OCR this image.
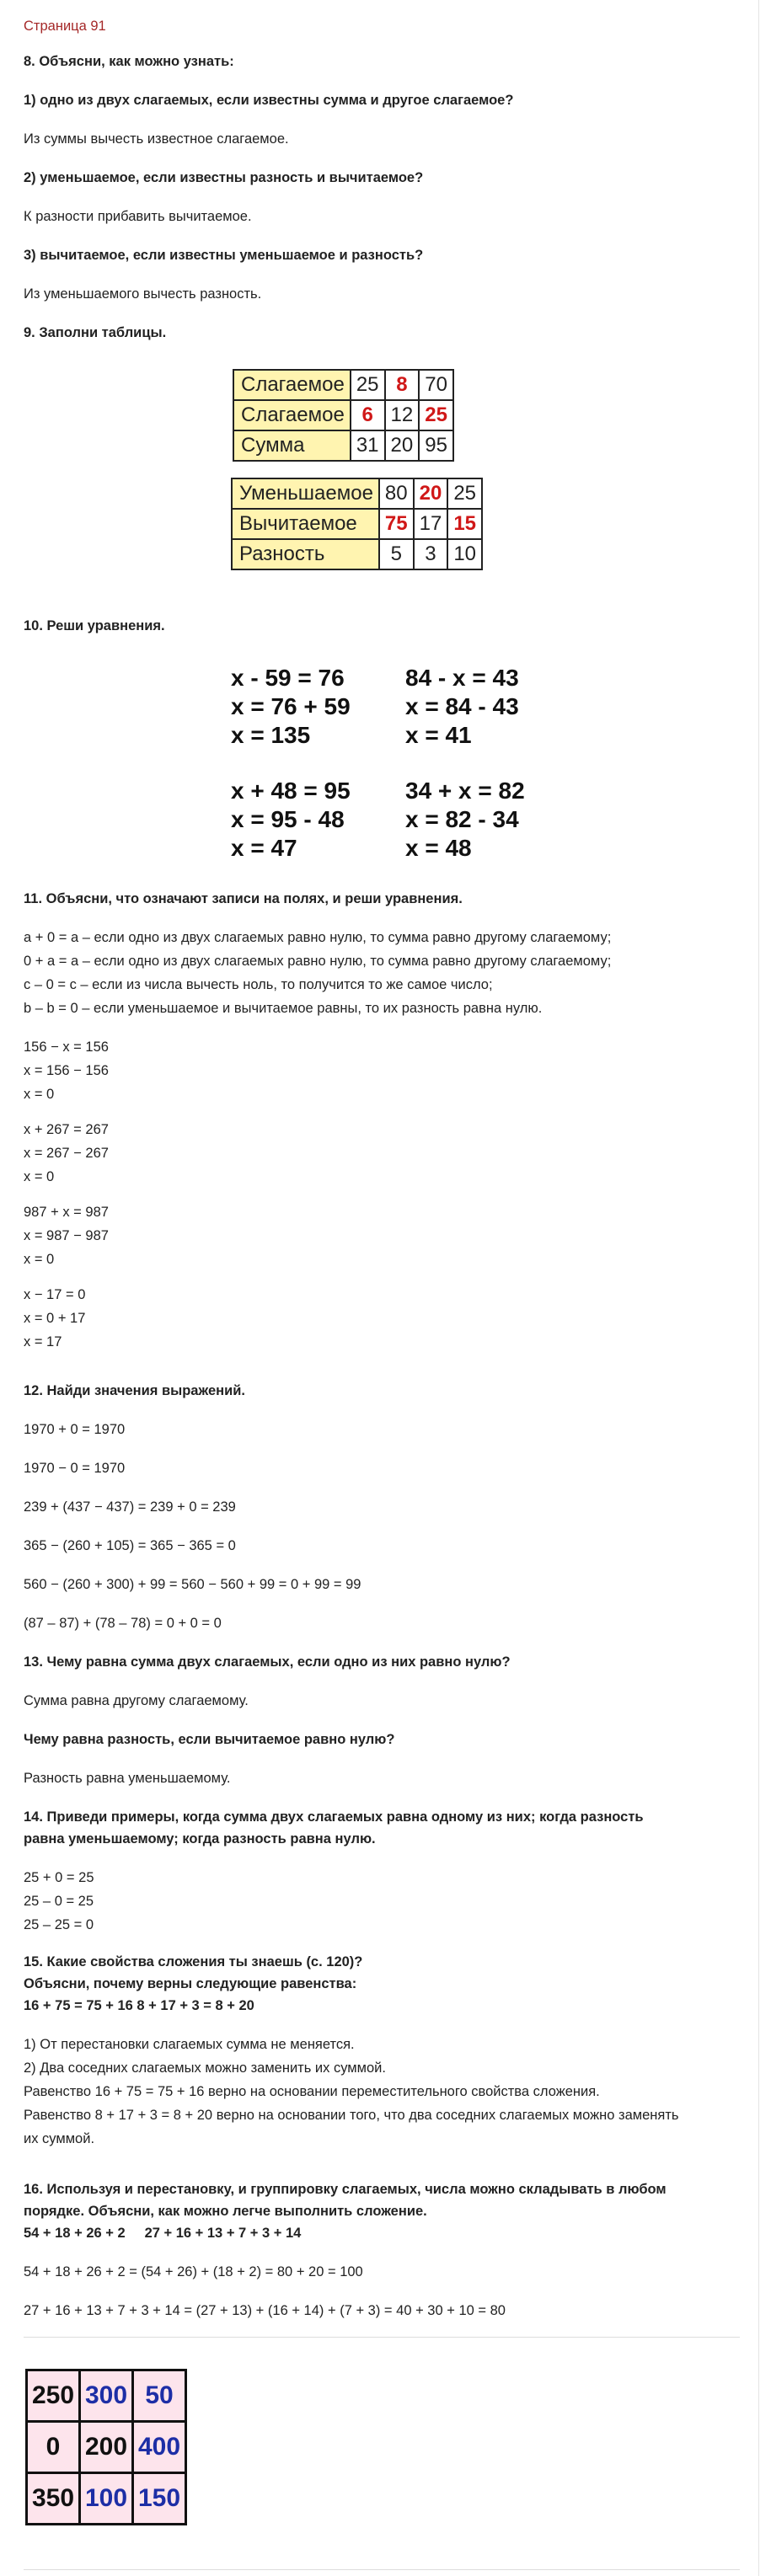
Страница 91
8. Объясни, как можно узнать:
1) одно из двух слагаемых, если известны сумма и другое слагаемое?
Из суммы вычесть известное слагаемое.
2) уменьшаемое, если известны разность и вычитаемое?
К разности прибавить вычитаемое.
3) вычитаемое, если известны уменьшаемое и разность?
Из уменьшаемого вычесть разность.
9. Заполни таблицы.
Слагаемое	25	8	70
Слагаемое	6	12	25
Сумма	31	20	95
Уменьшаемое	80	20	25
Вычитаемое	75	17	15
Разность	5	3	10
10. Реши уравнения.
x - 59 = 76
x = 76 + 59
x = 135
84 - x = 43
x = 84 - 43
x = 41
x + 48 = 95
x = 95 - 48
x = 47
34 + x = 82
x = 82 - 34
x = 48
11. Объясни, что означают записи на полях, и реши уравнения.
a + 0 = a – если одно из двух слагаемых равно нулю, то сумма равно другому слагаемому;
0 + a = a – если одно из двух слагаемых равно нулю, то сумма равно другому слагаемому;
c – 0 = c – если из числа вычесть ноль, то получится то же самое число;
b – b = 0 – если уменьшаемое и вычитаемое равны, то их разность равна нулю.
156 − x = 156
x = 156 − 156
x = 0
x + 267 = 267
x = 267 − 267
x = 0
987 + x = 987
x = 987 − 987
x = 0
x − 17 = 0
x = 0 + 17
x = 17
12. Найди значения выражений.
1970 + 0 = 1970
1970 − 0 = 1970
239 + (437 − 437) = 239 + 0 = 239
365 − (260 + 105) = 365 − 365 = 0
560 − (260 + 300) + 99 = 560 − 560 + 99 = 0 + 99 = 99
(87 – 87) + (78 – 78) = 0 + 0 = 0
13. Чему равна сумма двух слагаемых, если одно из них равно нулю?
Сумма равна другому слагаемому.
Чему равна разность, если вычитаемое равно нулю?
Разность равна уменьшаемому.
14. Приведи примеры, когда сумма двух слагаемых равна одному из них; когда разность
равна уменьшаемому; когда разность равна нулю.
25 + 0 = 25
25 – 0 = 25
25 – 25 = 0
15. Какие свойства сложения ты знаешь (с. 120)?
Объясни, почему верны следующие равенства:
16 + 75 = 75 + 16 8 + 17 + 3 = 8 + 20
1) От перестановки слагаемых сумма не меняется.
2) Два соседних слагаемых можно заменить их суммой.
Равенство 16 + 75 = 75 + 16 верно на основании переместительного свойства сложения.
Равенство 8 + 17 + 3 = 8 + 20 верно на основании того, что два соседних слагаемых можно заменять
их суммой.
16. Используя и перестановку, и группировку слагаемых, числа можно складывать в любом
порядке. Объясни, как можно легче выполнить сложение.
54 + 18 + 26 + 2     27 + 16 + 13 + 7 + 3 + 14
54 + 18 + 26 + 2 = (54 + 26) + (18 + 2) = 80 + 20 = 100
27 + 16 + 13 + 7 + 3 + 14 = (27 + 13) + (16 + 14) + (7 + 3) = 40 + 30 + 10 = 80
250	300	50
0	200	400
350	100	150
